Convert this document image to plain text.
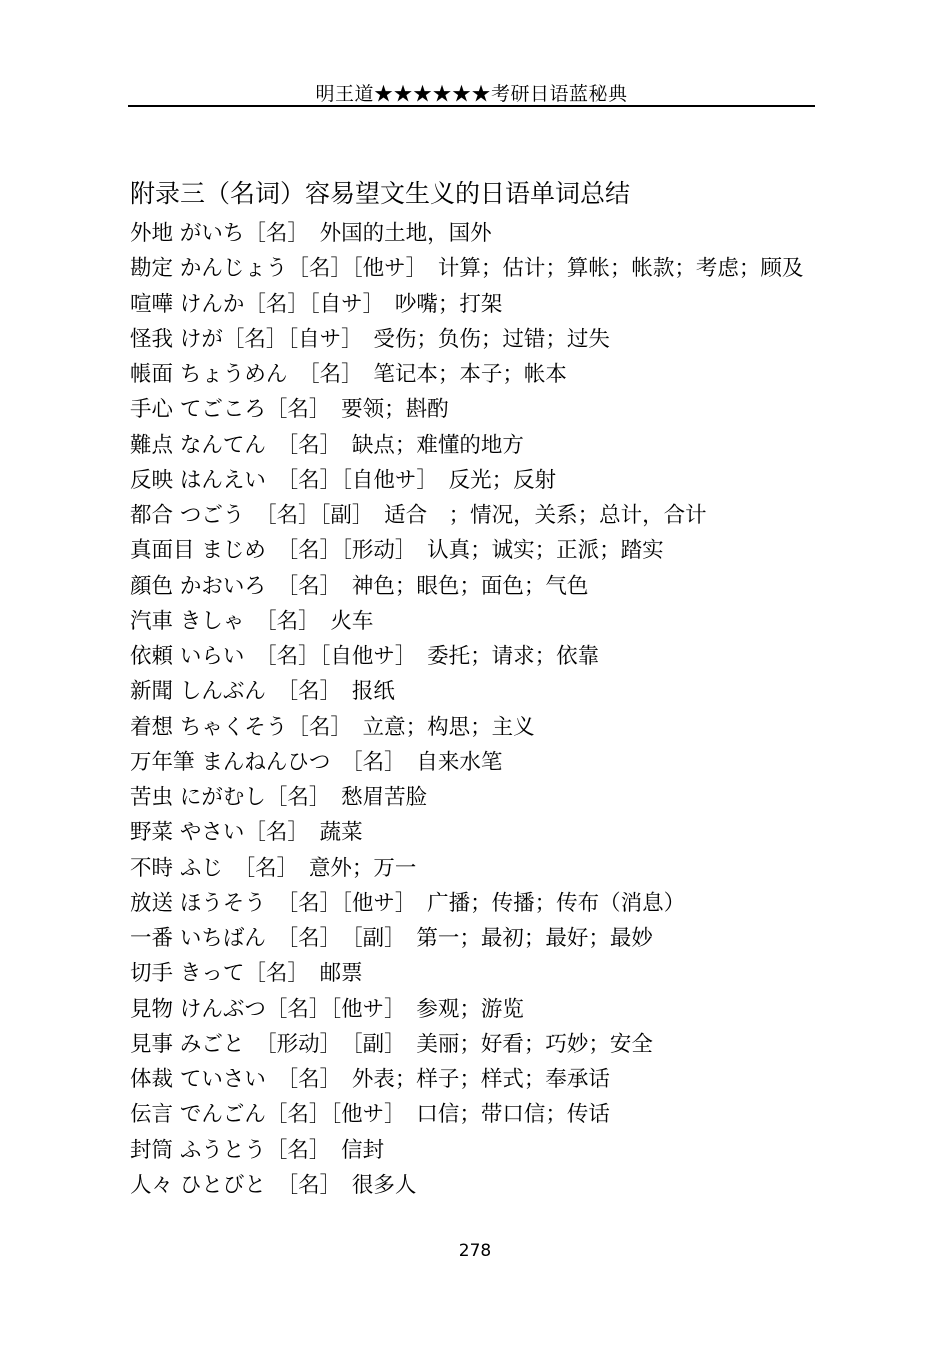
明王道★★★★★★考研日语蓝秘典
附录三（名词）容易望文生义的日语单词总结
外地 がいち［名］　外国的土地，国外
勘定 かんじょう［名］［他サ］　计算；估计；算帐；帐款；考虑；顾及
喧嘩 けんか［名］［自サ］　吵嘴；打架
怪我 けが［名］［自サ］　受伤；负伤；过错；过失
帳面 ちょうめん　［名］　笔记本；本子；帐本
手心 てごころ［名］　要领；斟酌
難点 なんてん　［名］　缺点；难懂的地方
反映 はんえい　［名］［自他サ］　反光；反射
都合 つごう　［名］［副］　适合　；情况，关系；总计，合计
真面目 まじめ　［名］［形动］　认真；诚实；正派；踏实
顔色 かおいろ　［名］　神色；眼色；面色；气色
汽車 きしゃ　［名］　火车
依頼 いらい　［名］［自他サ］　委托；请求；依靠
新聞 しんぶん　［名］　报纸
着想 ちゃくそう［名］　立意；构思；主义
万年筆 まんねんひつ　［名］　自来水笔
苦虫 にがむし［名］　愁眉苦脸
野菜 やさい［名］　蔬菜
不時 ふじ　［名］　意外；万一
放送 ほうそう　［名］［他サ］　广播；传播；传布（消息）
一番 いちばん　［名］　［副］　第一；最初；最好；最妙
切手 きって［名］　邮票
見物 けんぶつ［名］［他サ］　参观；游览
見事 みごと　［形动］　［副］　美丽；好看；巧妙；安全
体裁 ていさい　［名］　外表；样子；样式；奉承话
伝言 でんごん［名］［他サ］　口信；带口信；传话
封筒 ふうとう［名］　信封
人々 ひとびと　［名］　很多人
278
